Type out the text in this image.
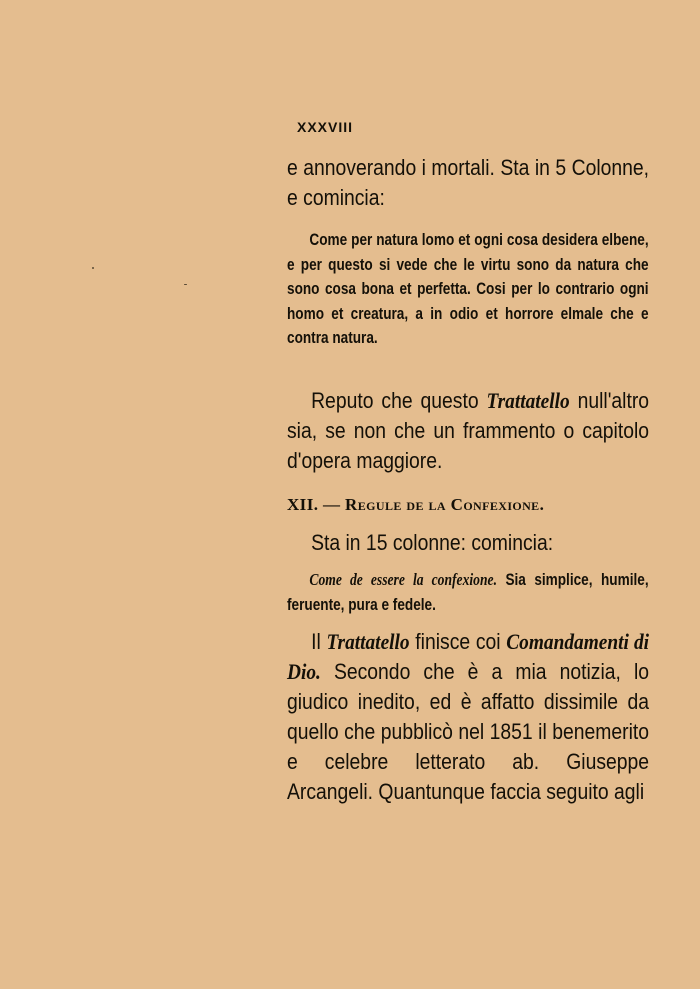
XXXVIII
e annoverando i mortali. Sta in 5 Colonne, e comincia:
Come per natura lomo et ogni cosa desidera elbene, e per questo si vede che le virtu sono da natura che sono cosa bona et perfetta. Cosi per lo contrario ogni homo et creatura, a in odio et horrore elmale che e contra natura.
Reputo che questo Trattatello null'altro sia, se non che un frammento o capitolo d'opera maggiore.
XII. — Regule de la Confexione.
Sta in 15 colonne: comincia:
Come de essere la confexione. Sia simplice, humile, feruente, pura e fedele.
Il Trattatello finisce coi Comandamenti di Dio. Secondo che è a mia notizia, lo giudico inedito, ed è affatto dissimile da quello che pubblicò nel 1851 il benemerito e celebre letterato ab. Giuseppe Arcangeli. Quantunque faccia seguito agli
